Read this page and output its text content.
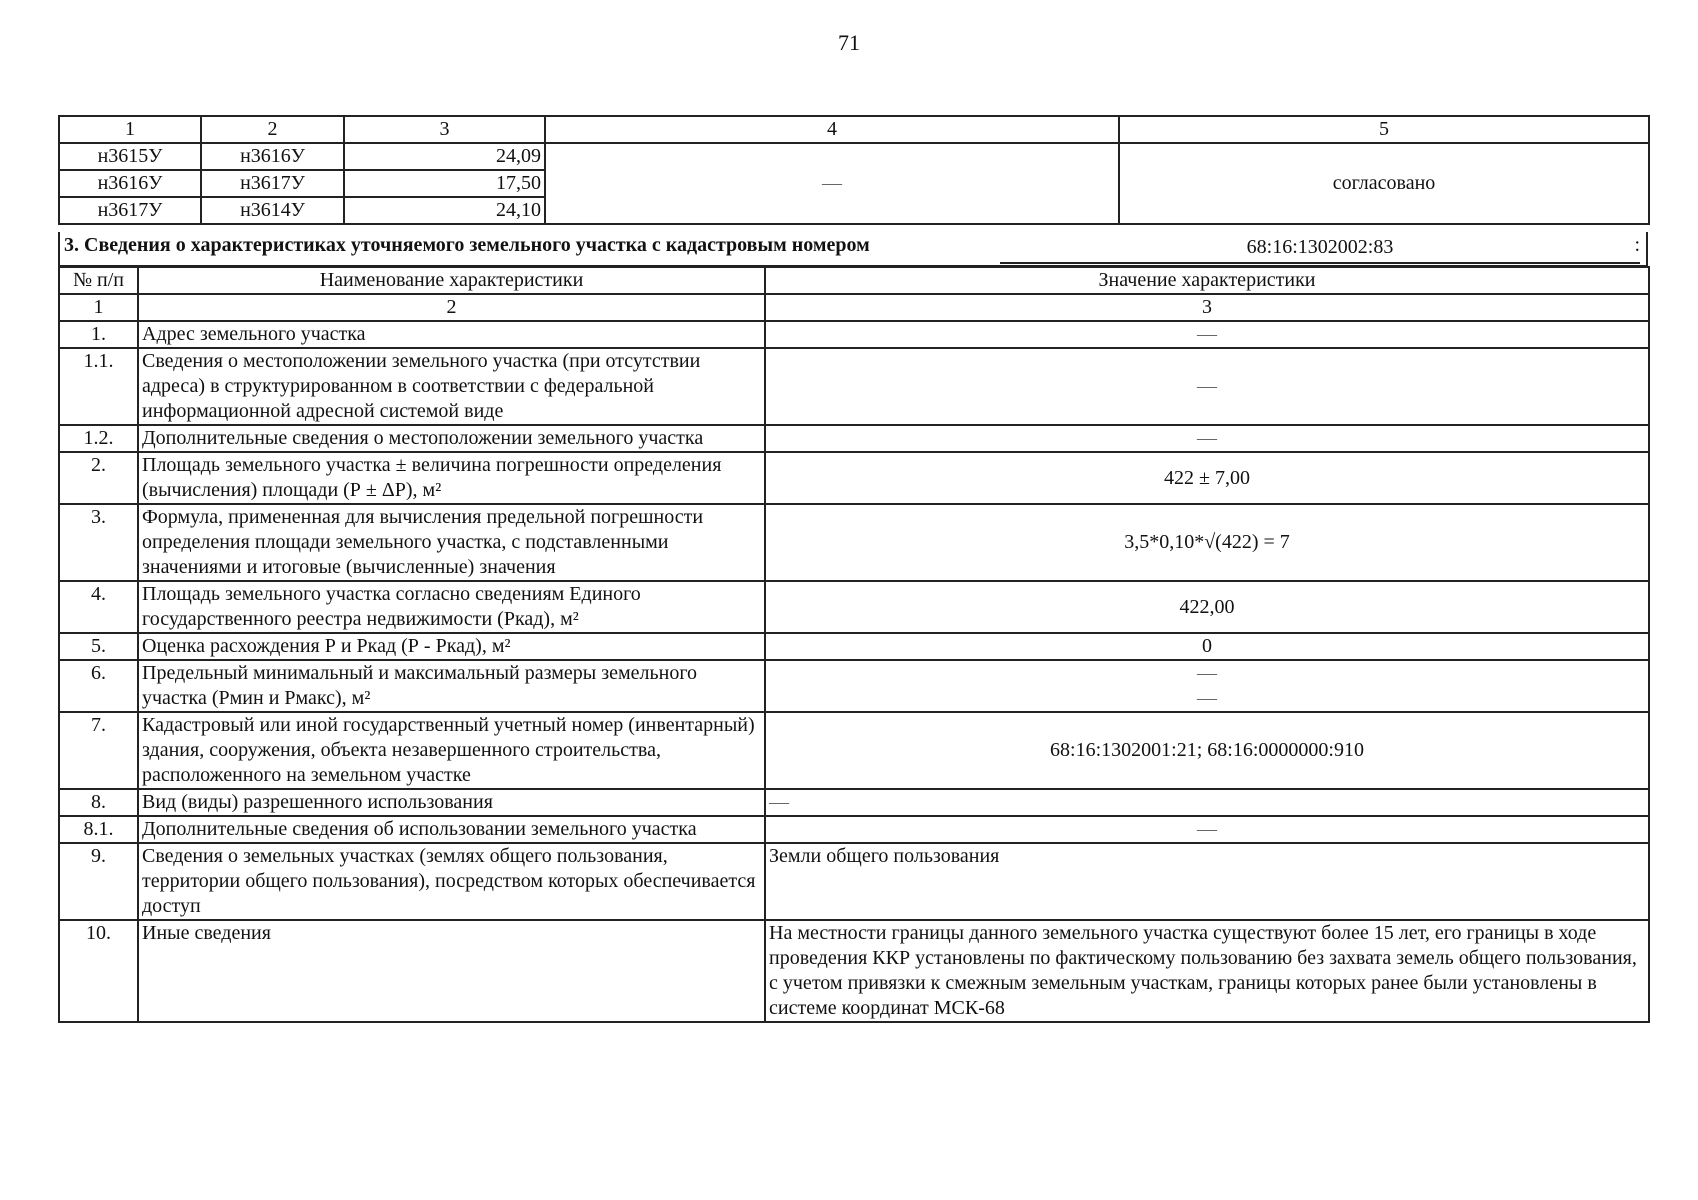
71
1	2	3	4	5
н3615У	н3616У	24,09	—	согласовано
н3616У	н3617У	17,50		
н3617У	н3614У	24,10		
3. Сведения о характеристиках уточняемого земельного участка с кадастровым номером	68:16:1302002:83	:
№ п/п	Наименование характеристики	Значение характеристики
1	2	3
1.	Адрес земельного участка	—
1.1.	Сведения о местоположении земельного участка (при отсутствии адреса) в структурированном в соответствии с федеральной информационной адресной системой виде	—
1.2.	Дополнительные сведения о местоположении земельного участка	—
2.	Площадь земельного участка ± величина погрешности определения (вычисления) площади (Р ± ΔР), м²	422 ± 7,00
3.	Формула, примененная для вычисления предельной погрешности определения площади земельного участка, с подставленными значениями и итоговые (вычисленные) значения	3,5*0,10*√(422) = 7
4.	Площадь земельного участка согласно сведениям Единого государственного реестра недвижимости (Ркад), м²	422,00
5.	Оценка расхождения Р и Ркад (Р - Ркад), м²	0
6.	Предельный минимальный и максимальный размеры земельного участка (Рмин и Рмакс), м²	—
—

7.	Кадастровый или иной государственный учетный номер (инвентарный) здания, сооружения, объекта незавершенного строительства, расположенного на земельном участке	68:16:1302001:21; 68:16:0000000:910
8.	Вид (виды) разрешенного использования	—
8.1.	Дополнительные сведения об использовании земельного участка	—
9.	Сведения о земельных участках (землях общего пользования, территории общего пользования), посредством которых обеспечивается доступ	Земли общего пользования
10.	Иные сведения	На местности границы данного земельного участка существуют более 15 лет, его границы в ходе проведения ККР установлены по фактическому пользованию без захвата земель общего пользования, с учетом привязки к смежным земельным участкам, границы которых ранее были установлены в системе координат МСК-68
